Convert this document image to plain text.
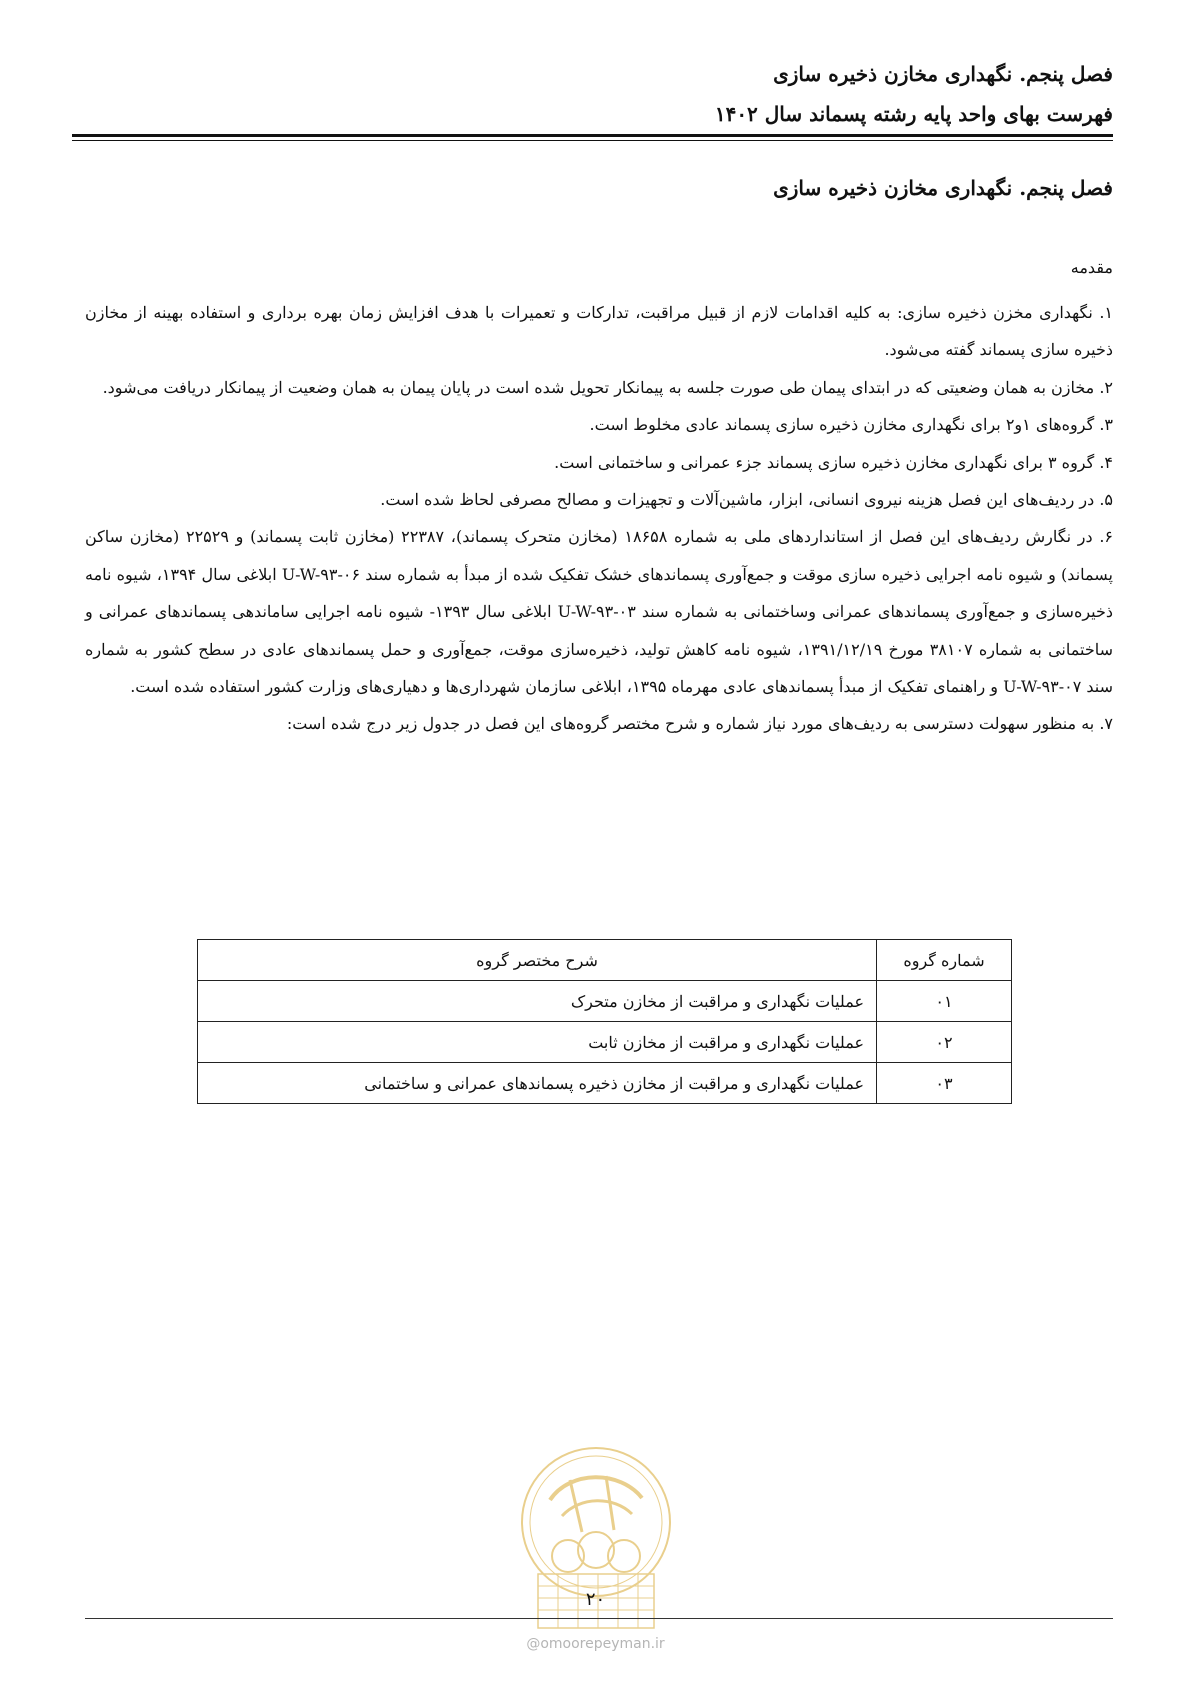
فصل پنجم. نگهداری مخازن ذخیره سازی
فهرست بهای واحد پایه رشته پسماند سال ۱۴۰۲
فصل پنجم. نگهداری مخازن ذخیره سازی
مقدمه

۱. نگهداری مخزن ذخیره سازی: به کلیه اقدامات لازم از قبیل مراقبت، تدارکات و تعمیرات با هدف افزایش زمان بهره برداری و استفاده بهینه از مخازن ذخیره سازی پسماند گفته می‌شود.

۲. مخازن به همان وضعیتی که در ابتدای پیمان طی صورت جلسه به پیمانکار تحویل شده است در پایان پیمان به همان وضعیت از پیمانکار دریافت می‌شود.

۳. گروه‌های ۱و۲ برای نگهداری مخازن ذخیره سازی پسماند عادی مخلوط است.

۴. گروه ۳ برای نگهداری مخازن ذخیره سازی پسماند جزء عمرانی و ساختمانی است.

۵. در ردیف‌های این فصل هزینه نیروی انسانی، ابزار، ماشین‌آلات و تجهیزات و مصالح مصرفی لحاظ شده است.

۶. در نگارش ردیف‌های این فصل از استانداردهای ملی به شماره ۱۸۶۵۸ (مخازن متحرک پسماند)، ۲۲۳۸۷ (مخازن ثابت پسماند) و ۲۲۵۲۹ (مخازن ساکن پسماند) و شیوه نامه اجرایی ذخیره سازی موقت و جمع‌آوری پسماندهای خشک تفکیک شده از مبدأ به شماره سند ۰۶-U-W-۹۳ ابلاغی سال ۱۳۹۴، شیوه نامه ذخیره‌سازی و جمع‌آوری پسماندهای عمرانی وساختمانی به شماره سند ۰۳-U-W-۹۳ ابلاغی سال ۱۳۹۳- شیوه نامه اجرایی ساماندهی پسماندهای عمرانی و ساختمانی به شماره ۳۸۱۰۷ مورخ ۱۳۹۱/۱۲/۱۹، شیوه نامه کاهش تولید، ذخیره‌سازی موقت، جمع‌آوری و حمل پسماندهای عادی در سطح کشور به شماره سند ۰۷-U-W-۹۳ و راهنمای تفکیک از مبدأ پسماندهای عادی مهرماه ۱۳۹۵، ابلاغی سازمان شهرداری‌ها و دهیاری‌های وزارت کشور استفاده شده است.

۷. به منظور سهولت دسترسی به ردیف‌های مورد نیاز شماره و شرح مختصر گروه‌های این فصل در جدول زیر درج شده است:

شماره گروه	شرح مختصر گروه
۰۱	عملیات نگهداری و مراقبت از مخازن متحرک
۰۲	عملیات نگهداری و مراقبت از مخازن ثابت
۰۳	عملیات نگهداری و مراقبت از مخازن ذخیره پسماندهای عمرانی و ساختمانی
۲۰
@omoorepeyman.ir
